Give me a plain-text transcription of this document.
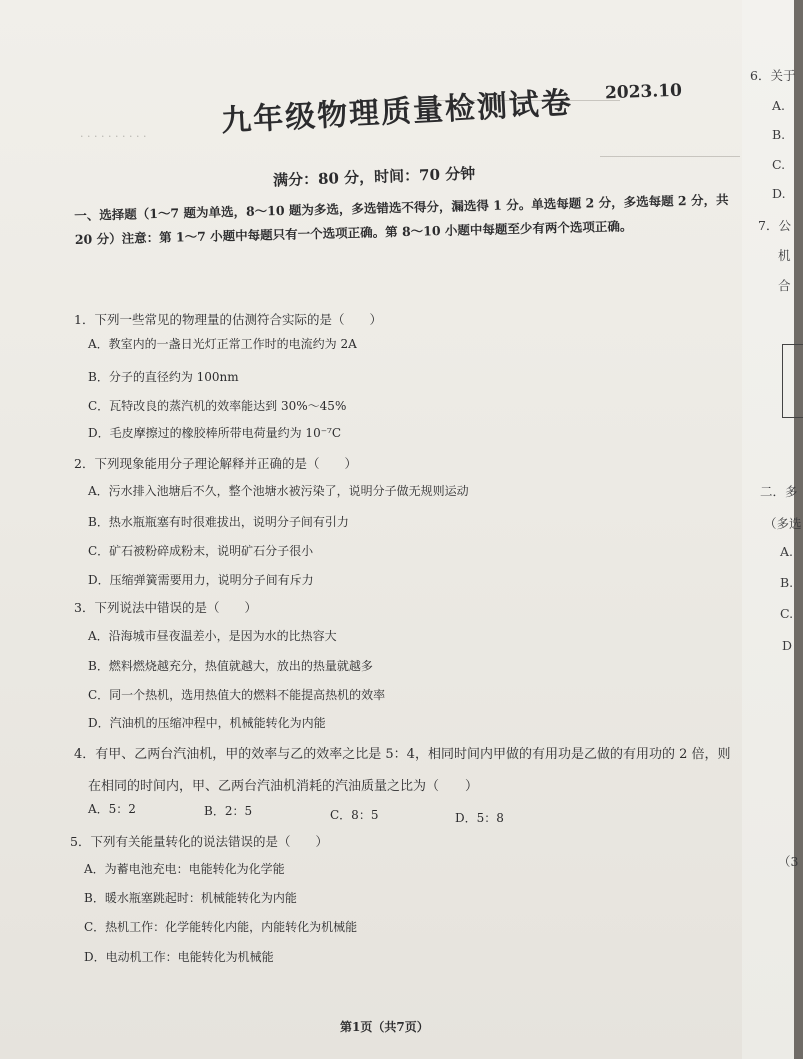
· · · · · · · · · · 九年级物理质量检测试卷 2023.10
满分：80 分，时间：70 分钟
一、选择题（1～7 题为单选，8～10 题为多选，多选错选不得分，漏选得 1 分。单选每题 2 分，多选每题 2 分，共 20 分）注意：第 1～7 小题中每题只有一个选项正确。第 8～10 小题中每题至少有两个选项正确。
1．下列一些常见的物理量的估测符合实际的是（　　）
A．教室内的一盏日光灯正常工作时的电流约为 2A
B．分子的直径约为 100nm
C．瓦特改良的蒸汽机的效率能达到 30%～45%
D．毛皮摩擦过的橡胶棒所带电荷量约为 10⁻⁷C
2．下列现象能用分子理论解释并正确的是（　　）
A．污水排入池塘后不久，整个池塘水被污染了，说明分子做无规则运动
B．热水瓶瓶塞有时很难拔出，说明分子间有引力
C．矿石被粉碎成粉末，说明矿石分子很小
D．压缩弹簧需要用力，说明分子间有斥力
3．下列说法中错误的是（　　）
A．沿海城市昼夜温差小，是因为水的比热容大
B．燃料燃烧越充分，热值就越大，放出的热量就越多
C．同一个热机，选用热值大的燃料不能提高热机的效率
D．汽油机的压缩冲程中，机械能转化为内能
4．有甲、乙两台汽油机，甲的效率与乙的效率之比是 5：4，相同时间内甲做的有用功是乙做的有用功的 2 倍，则
在相同的时间内，甲、乙两台汽油机消耗的汽油质量之比为（　　）
A．5：2	B．2：5	C．8：5	D．5：8
5．下列有关能量转化的说法错误的是（　　）
A．为蓄电池充电：电能转化为化学能
B．暖水瓶塞跳起时：机械能转化为内能
C．热机工作：化学能转化内能，内能转化为机械能
D．电动机工作：电能转化为机械能
第1页（共7页）
6．关于
A.
B.
C.
D.
7．公
机
合
二．多
（多选
A.
B.
C.
D
（3
